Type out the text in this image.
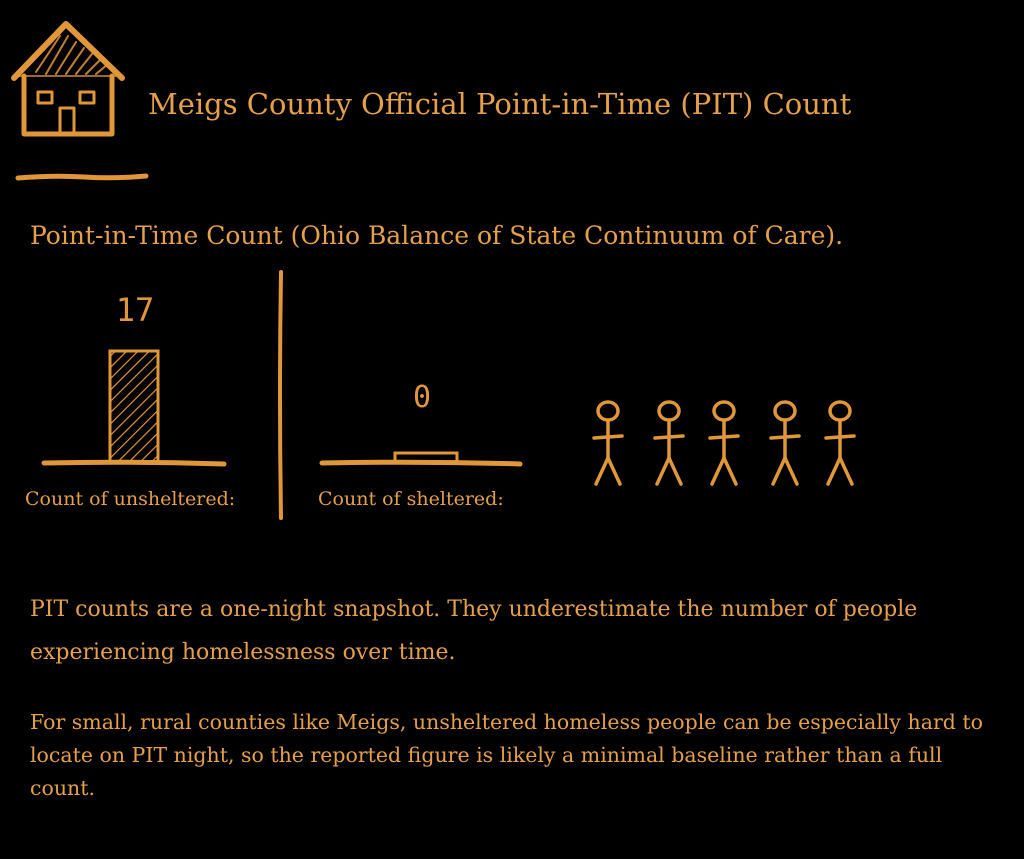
Meigs County Official Point-in-Time (PIT) Count
Point-in-Time Count (Ohio Balance of State Continuum of Care).
17
0
Count of unsheltered:	Count of sheltered:
PIT counts are a one-night snapshot. They underestimate the number of people experiencing homelessness over time.
For small, rural counties like Meigs, unsheltered homeless people can be especially hard to locate on PIT night, so the reported figure is likely a minimal baseline rather than a full count.
